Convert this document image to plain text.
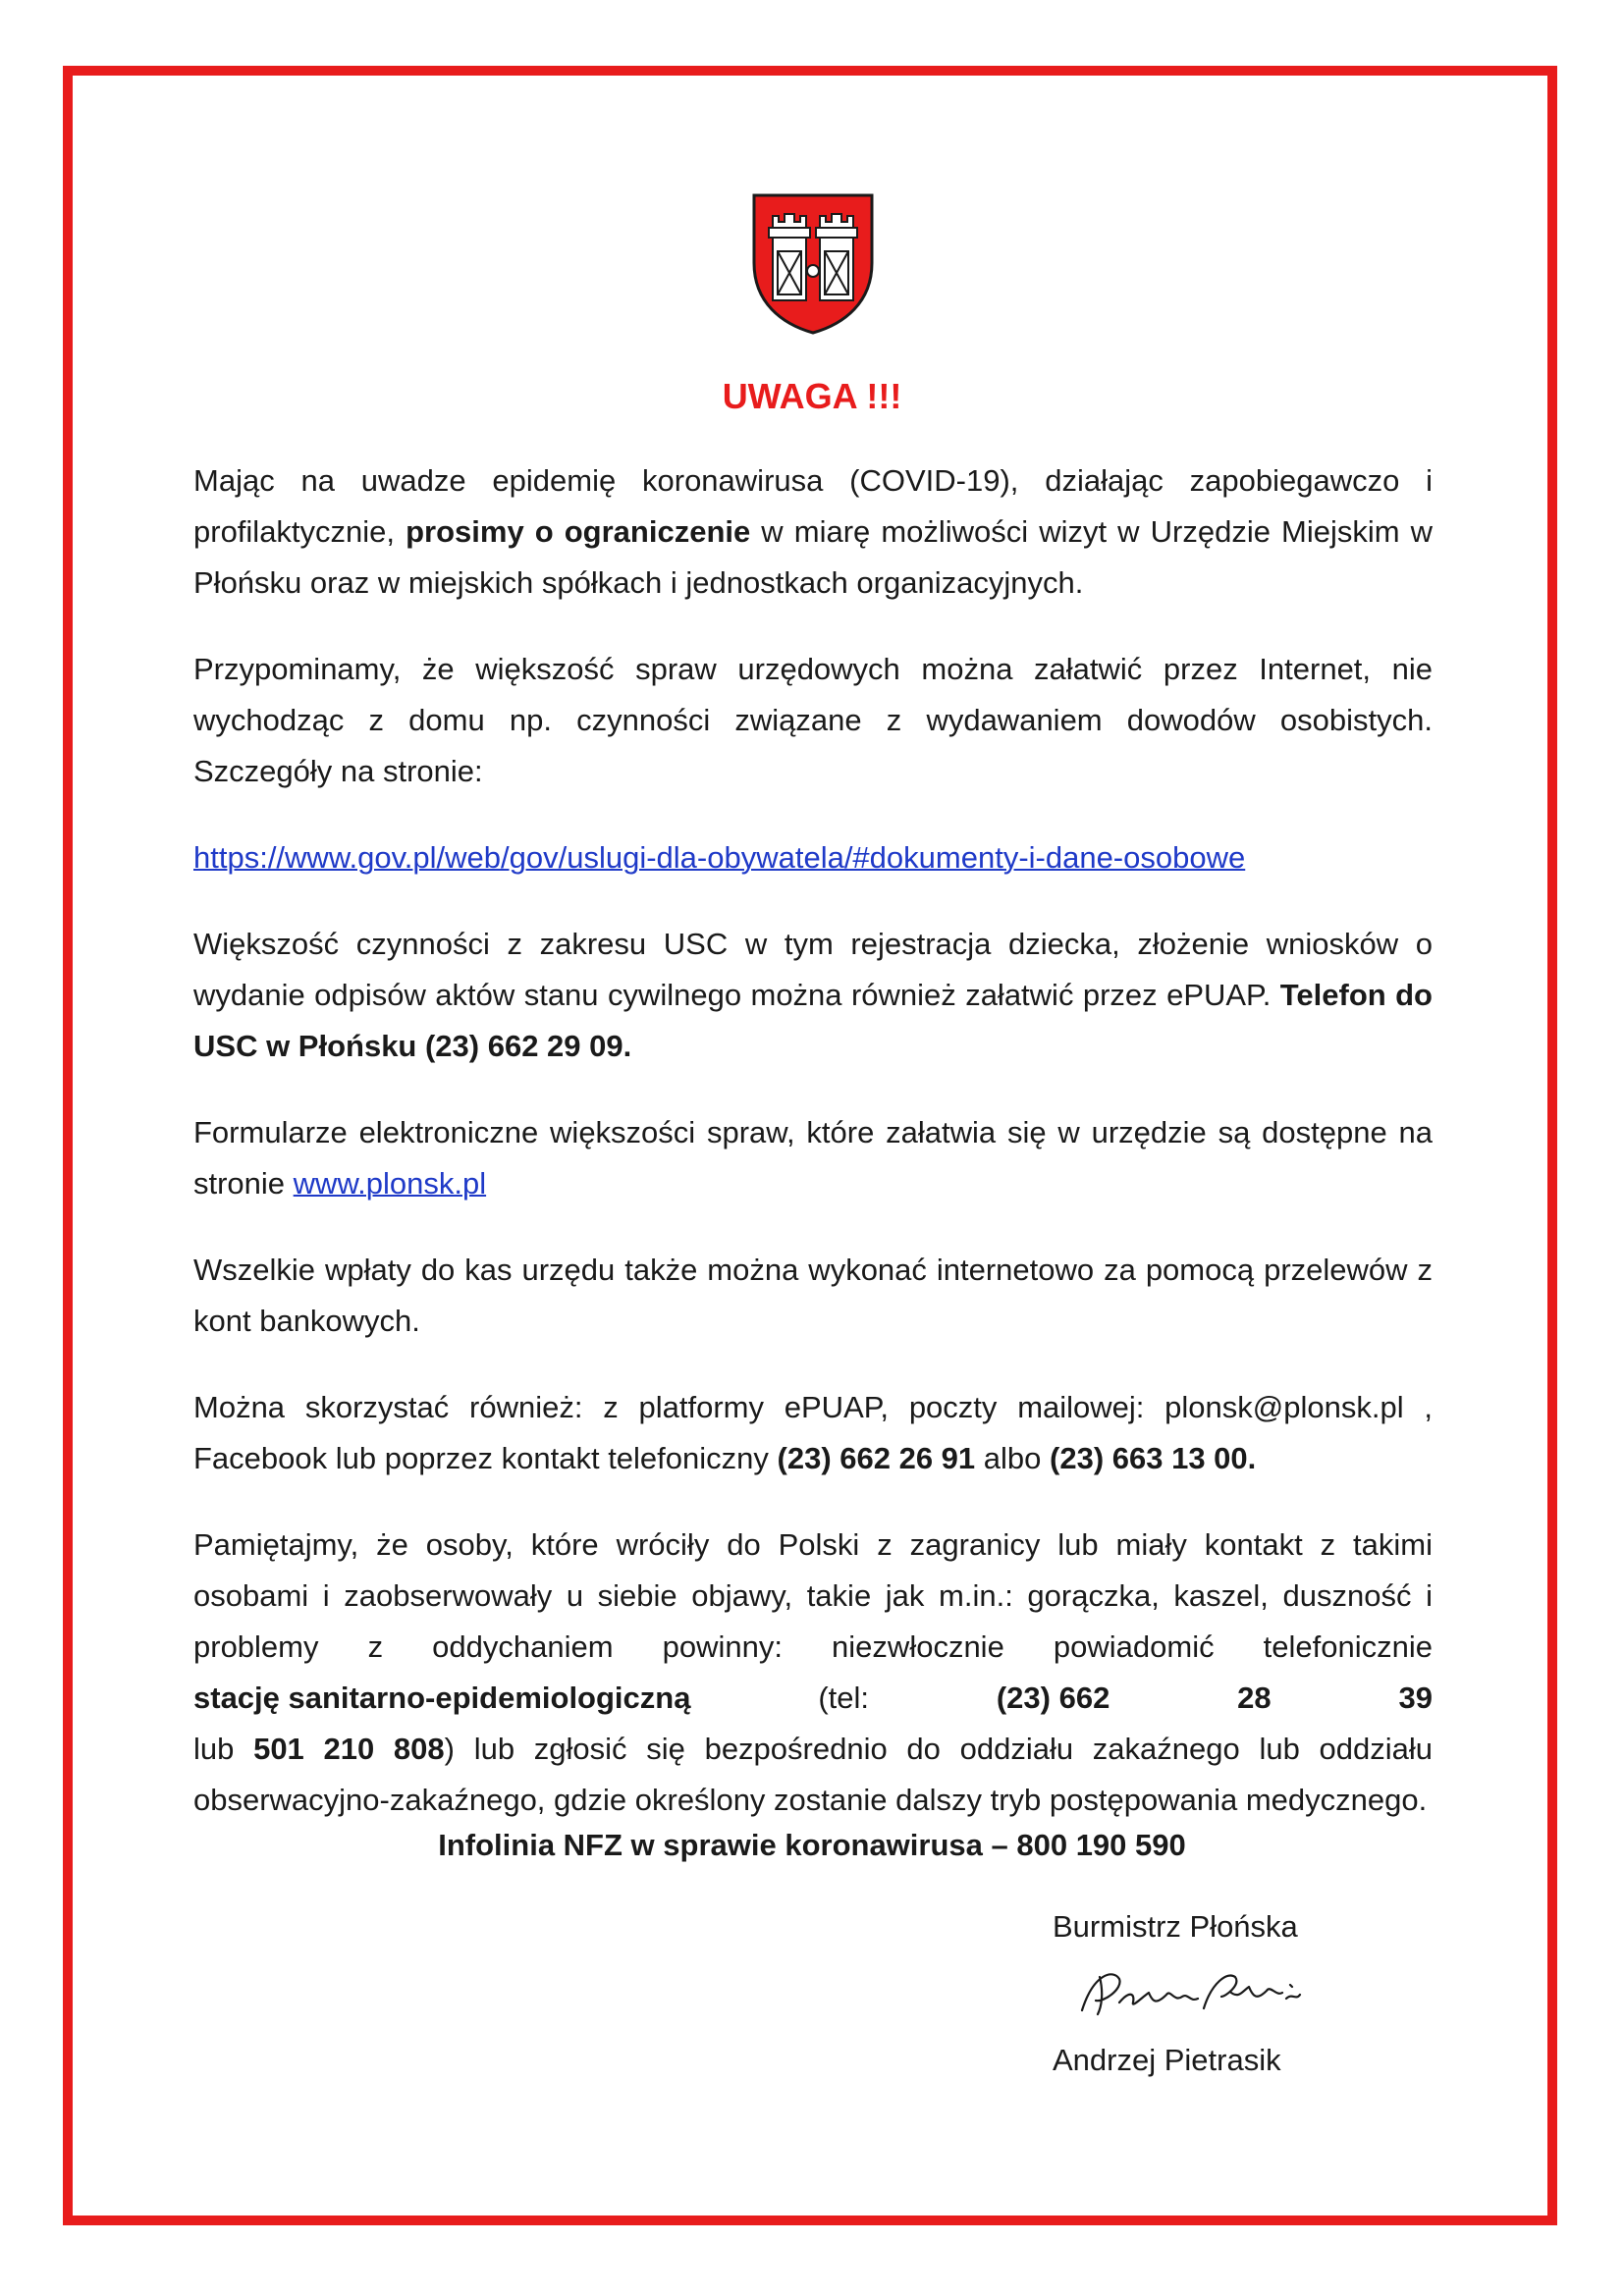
UWAGA !!!

Mając na uwadze epidemię koronawirusa (COVID-19), działając zapobiegawczo i profilaktycznie, prosimy o ograniczenie w miarę możliwości wizyt w Urzędzie Miejskim w Płońsku oraz w miejskich spółkach i jednostkach organizacyjnych.

Przypominamy, że większość spraw urzędowych można załatwić przez Internet, nie wychodząc z domu np. czynności związane z wydawaniem dowodów osobistych. Szczegóły na stronie:

https://www.gov.pl/web/gov/uslugi-dla-obywatela/#dokumenty-i-dane-osobowe

Większość czynności z zakresu USC w tym rejestracja dziecka, złożenie wniosków o wydanie odpisów aktów stanu cywilnego można również załatwić przez ePUAP. Telefon do USC w Płońsku (23) 662 29 09.

Formularze elektroniczne większości spraw, które załatwia się w urzędzie są dostępne na stronie www.plonsk.pl

Wszelkie wpłaty do kas urzędu także można wykonać internetowo za pomocą przelewów z kont bankowych.

Można skorzystać również: z platformy ePUAP, poczty mailowej: plonsk@plonsk.pl , Facebook lub poprzez kontakt telefoniczny (23) 662 26 91 albo (23) 663 13 00.

Pamiętajmy, że osoby, które wróciły do Polski z zagranicy lub miały kontakt z takimi osobami i zaobserwowały u siebie objawy, takie jak m.in.: gorączka, kaszel, duszność i problemy z oddychaniem powinny: niezwłocznie powiadomić telefonicznie
stację sanitarno-epidemiologiczną	(tel:	(23) 662	28	39
lub 501 210 808) lub zgłosić się bezpośrednio do oddziału zakaźnego lub oddziału obserwacyjno-zakaźnego, gdzie określony zostanie dalszy tryb postępowania medycznego.

Infolinia NFZ w sprawie koronawirusa – 800 190 590

Burmistrz Płońska

Andrzej Pietrasik
